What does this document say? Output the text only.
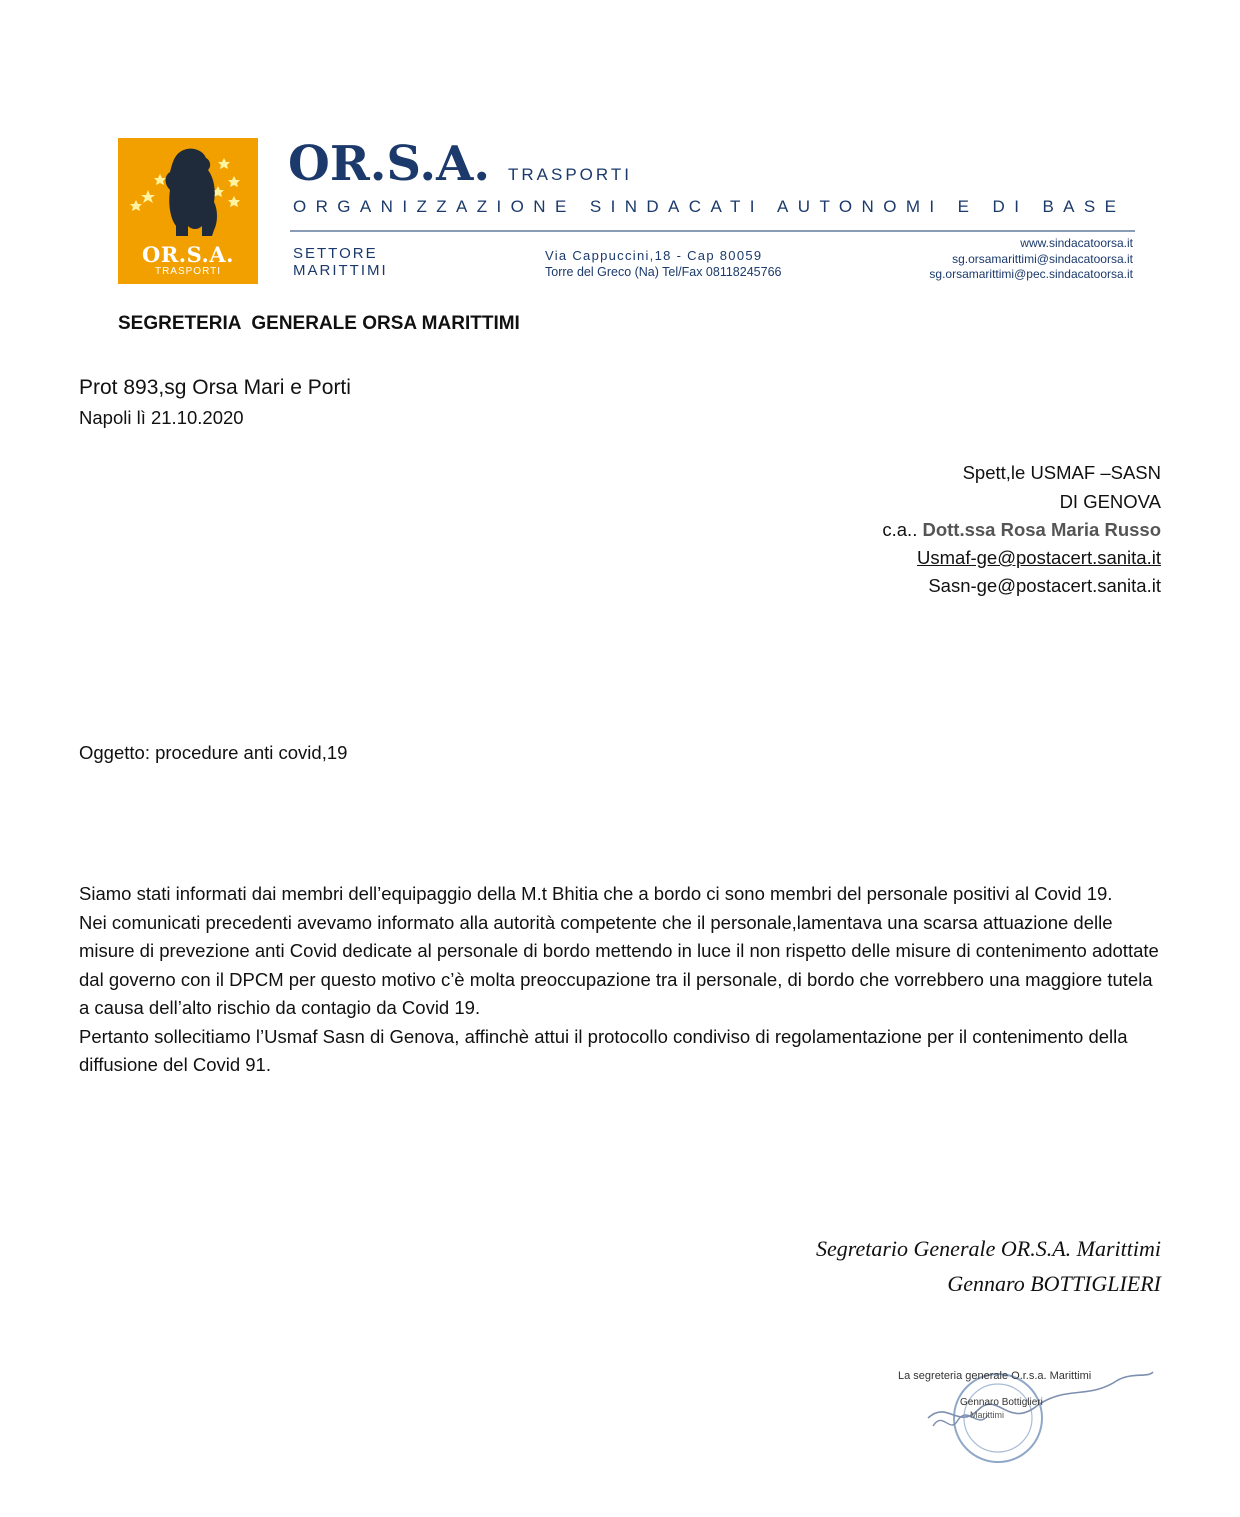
OR.S.A.
TRASPORTI
OR.S.A. TRASPORTI
ORGANIZZAZIONE SINDACATI AUTONOMI E DI BASE
SETTORE
MARITTIMI
Via Cappuccini,18 - Cap 80059
Torre del Greco (Na) Tel/Fax 08118245766
www.sindacatoorsa.it
sg.orsamarittimi@sindacatoorsa.it
sg.orsamarittimi@pec.sindacatoorsa.it
SEGRETERIA  GENERALE ORSA MARITTIMI
Prot 893,sg Orsa Mari e Porti
Napoli lì 21.10.2020
Spett,le USMAF –SASN
DI GENOVA
c.a.. Dott.ssa Rosa Maria Russo
Usmaf-ge@postacert.sanita.it
Sasn-ge@postacert.sanita.it
Oggetto: procedure anti covid,19

Siamo stati informati dai membri dell’equipaggio della M.t Bhitia che a bordo ci sono membri del personale positivi al Covid 19.

Nei comunicati precedenti avevamo informato alla autorità competente che il personale,lamentava una scarsa attuazione delle misure di prevezione anti Covid dedicate al personale di bordo mettendo in luce il non rispetto delle misure di contenimento adottate dal governo con il DPCM per questo motivo c’è molta preoccupazione tra il personale, di bordo che vorrebbero una maggiore tutela a causa dell’alto rischio da contagio da Covid 19.

Pertanto sollecitiamo l’Usmaf Sasn di Genova, affinchè attui il protocollo condiviso di regolamentazione per il contenimento della diffusione del Covid 91.

Segretario Generale OR.S.A. Marittimi
Gennaro BOTTIGLIERI
La segreteria generale O.r.s.a. Marittimi
Gennaro Bottiglieri
Marittimi
